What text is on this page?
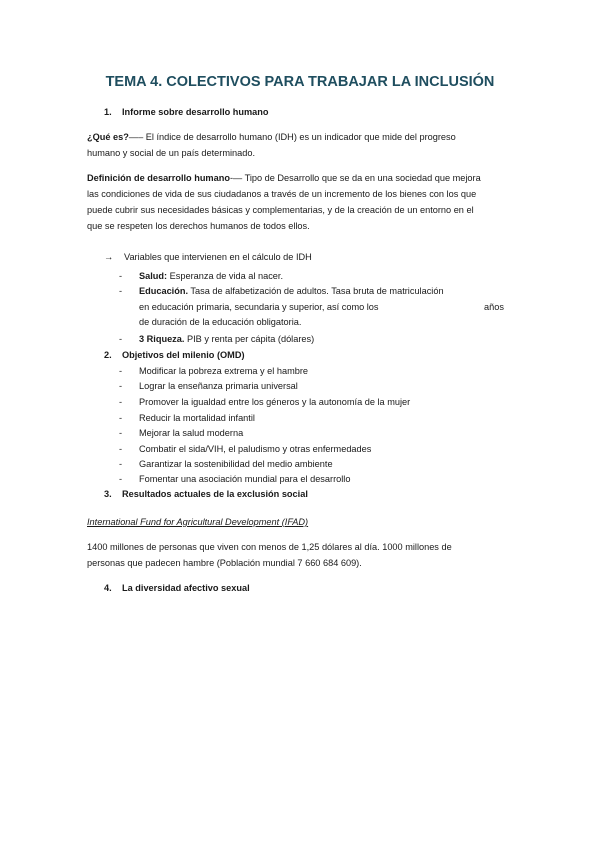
TEMA 4. COLECTIVOS PARA TRABAJAR LA INCLUSIÓN
1. Informe sobre desarrollo humano
¿Qué es?—– El índice de desarrollo humano (IDH) es un indicador que mide del progreso
humano y social de un país determinado.
Definición de desarrollo humano-— Tipo de Desarrollo que se da en una sociedad que mejora
las condiciones de vida de sus ciudadanos a través de un incremento de los bienes con los que
puede cubrir sus necesidades básicas y complementarias, y de la creación de un entorno en el
que se respeten los derechos humanos de todos ellos.
→ Variables que intervienen en el cálculo de IDH
- Salud: Esperanza de vida al nacer.
- Educación. Tasa de alfabetización de adultos. Tasa bruta de matriculación
en educación primaria, secundaria y superior, así como los	años
de duración de la educación obligatoria.
- 3 Riqueza. PIB y renta per cápita (dólares)
2. Objetivos del milenio (OMD)
- Modificar la pobreza extrema y el hambre
- Lograr la enseñanza primaria universal
- Promover la igualdad entre los géneros y la autonomía de la mujer
- Reducir la mortalidad infantil
- Mejorar la salud moderna
- Combatir el sida/VIH, el paludismo y otras enfermedades
- Garantizar la sostenibilidad del medio ambiente
- Fomentar una asociación mundial para el desarrollo
3. Resultados actuales de la exclusión social
International Fund for Agricultural Development (IFAD)
1400 millones de personas que viven con menos de 1,25 dólares al día. 1000 millones de
personas que padecen hambre (Población mundial 7 660 684 609).
4. La diversidad afectivo sexual
